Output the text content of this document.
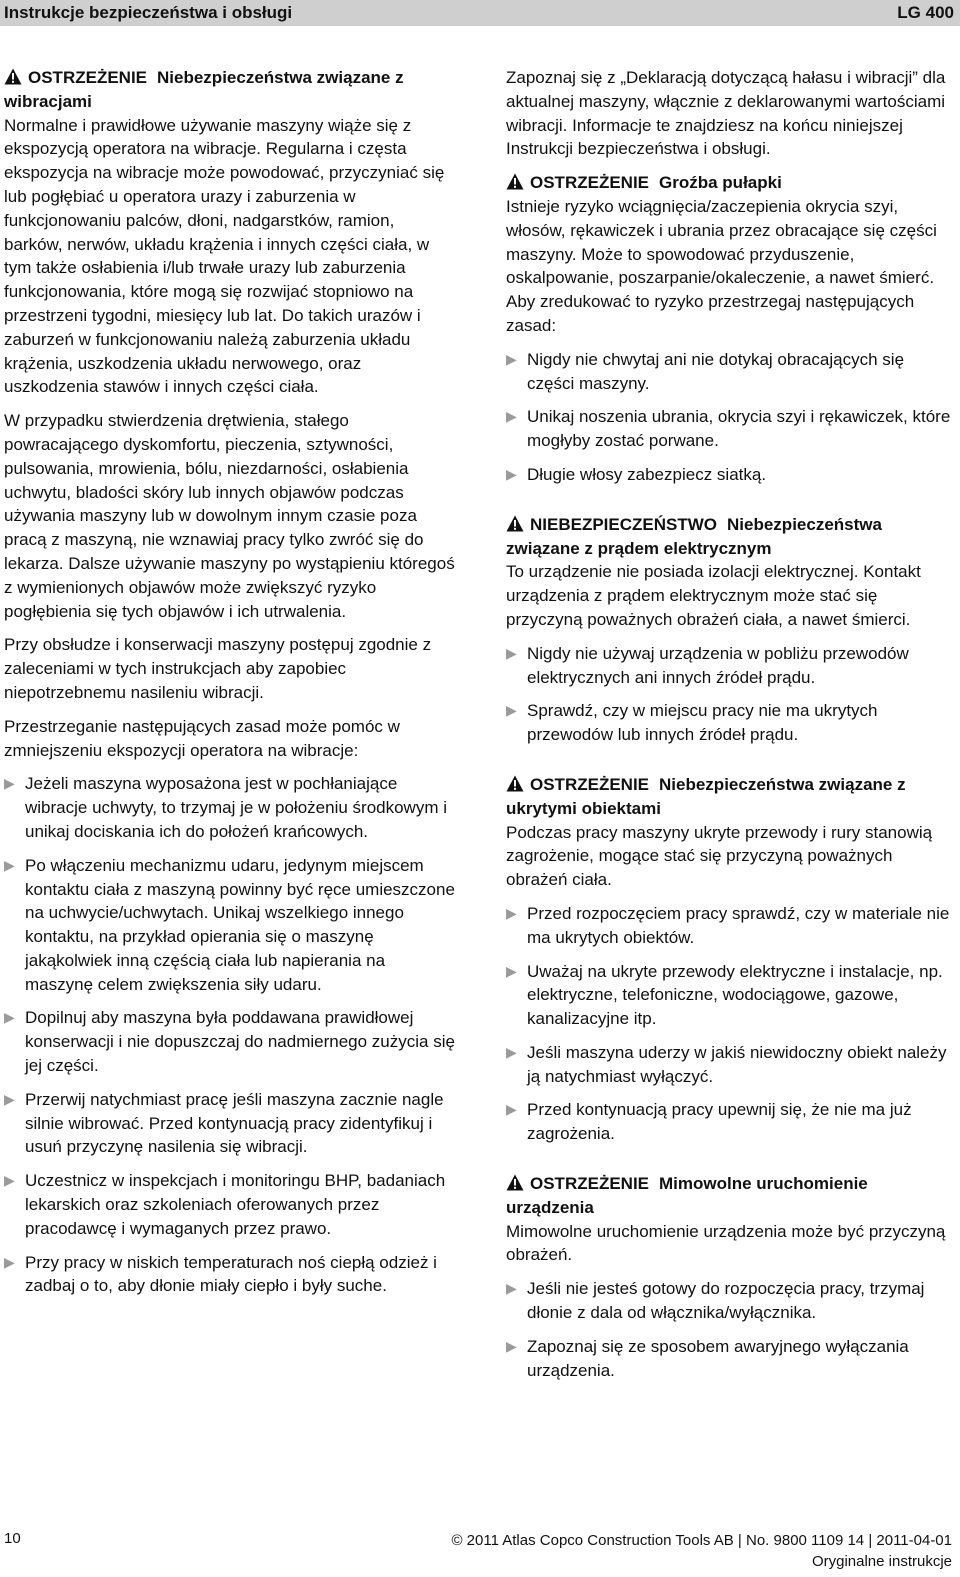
Instrukcje bezpieczeństwa i obsługi	LG 400
OSTRZEŻENIE Niebezpieczeństwa związane z wibracjami

Normalne i prawidłowe używanie maszyny wiąże się z ekspozycją operatora na wibracje. Regularna i częsta ekspozycja na wibracje może powodować, przyczyniać się lub pogłębiać u operatora urazy i zaburzenia w funkcjonowaniu palców, dłoni, nadgarstków, ramion, barków, nerwów, układu krążenia i innych części ciała, w tym także osłabienia i/lub trwałe urazy lub zaburzenia funkcjonowania, które mogą się rozwijać stopniowo na przestrzeni tygodni, miesięcy lub lat. Do takich urazów i zaburzeń w funkcjonowaniu należą zaburzenia układu krążenia, uszkodzenia układu nerwowego, oraz uszkodzenia stawów i innych części ciała.

W przypadku stwierdzenia drętwienia, stałego powracającego dyskomfortu, pieczenia, sztywności, pulsowania, mrowienia, bólu, niezdarności, osłabienia uchwytu, bladości skóry lub innych objawów podczas używania maszyny lub w dowolnym innym czasie poza pracą z maszyną, nie wznawiaj pracy tylko zwróć się do lekarza. Dalsze używanie maszyny po wystąpieniu któregoś z wymienionych objawów może zwiększyć ryzyko pogłębienia się tych objawów i ich utrwalenia.

Przy obsłudze i konserwacji maszyny postępuj zgodnie z zaleceniami w tych instrukcjach aby zapobiec niepotrzebnemu nasileniu wibracji.

Przestrzeganie następujących zasad może pomóc w zmniejszeniu ekspozycji operatora na wibracje:

▶ Jeżeli maszyna wyposażona jest w pochłaniające wibracje uchwyty, to trzymaj je w położeniu środkowym i unikaj dociskania ich do położeń krańcowych.
▶ Po włączeniu mechanizmu udaru, jedynym miejscem kontaktu ciała z maszyną powinny być ręce umieszczone na uchwycie/uchwytach. Unikaj wszelkiego innego kontaktu, na przykład opierania się o maszynę jakąkolwiek inną częścią ciała lub napierania na maszynę celem zwiększenia siły udaru.
▶ Dopilnuj aby maszyna była poddawana prawidłowej konserwacji i nie dopuszczaj do nadmiernego zużycia się jej części.
▶ Przerwij natychmiast pracę jeśli maszyna zacznie nagle silnie wibrować. Przed kontynuacją pracy zidentyfikuj i usuń przyczynę nasilenia się wibracji.
▶ Uczestnicz w inspekcjach i monitoringu BHP, badaniach lekarskich oraz szkoleniach oferowanych przez pracodawcę i wymaganych przez prawo.
▶ Przy pracy w niskich temperaturach noś ciepłą odzież i zadbaj o to, aby dłonie miały ciepło i były suche.

Zapoznaj się z „Deklaracją dotyczącą hałasu i wibracji” dla aktualnej maszyny, włącznie z deklarowanymi wartościami wibracji. Informacje te znajdziesz na końcu niniejszej Instrukcji bezpieczeństwa i obsługi.

OSTRZEŻENIE Groźba pułapki

Istnieje ryzyko wciągnięcia/zaczepienia okrycia szyi, włosów, rękawiczek i ubrania przez obracające się części maszyny. Może to spowodować przyduszenie, oskalpowanie, poszarpanie/okaleczenie, a nawet śmierć. Aby zredukować to ryzyko przestrzegaj następujących zasad:

▶ Nigdy nie chwytaj ani nie dotykaj obracających się części maszyny.
▶ Unikaj noszenia ubrania, okrycia szyi i rękawiczek, które mogłyby zostać porwane.
▶ Długie włosy zabezpiecz siatką.
NIEBEZPIECZEŃSTWO Niebezpieczeństwa związane z prądem elektrycznym

To urządzenie nie posiada izolacji elektrycznej. Kontakt urządzenia z prądem elektrycznym może stać się przyczyną poważnych obrażeń ciała, a nawet śmierci.

▶ Nigdy nie używaj urządzenia w pobliżu przewodów elektrycznych ani innych źródeł prądu.
▶ Sprawdź, czy w miejscu pracy nie ma ukrytych przewodów lub innych źródeł prądu.
OSTRZEŻENIE Niebezpieczeństwa związane z ukrytymi obiektami

Podczas pracy maszyny ukryte przewody i rury stanowią zagrożenie, mogące stać się przyczyną poważnych obrażeń ciała.

▶ Przed rozpoczęciem pracy sprawdź, czy w materiale nie ma ukrytych obiektów.
▶ Uważaj na ukryte przewody elektryczne i instalacje, np. elektryczne, telefoniczne, wodociągowe, gazowe, kanalizacyjne itp.
▶ Jeśli maszyna uderzy w jakiś niewidoczny obiekt należy ją natychmiast wyłączyć.
▶ Przed kontynuacją pracy upewnij się, że nie ma już zagrożenia.
OSTRZEŻENIE Mimowolne uruchomienie urządzenia

Mimowolne uruchomienie urządzenia może być przyczyną obrażeń.

▶ Jeśli nie jesteś gotowy do rozpoczęcia pracy, trzymaj dłonie z dala od włącznika/wyłącznika.
▶ Zapoznaj się ze sposobem awaryjnego wyłączania urządzenia.
10	© 2011 Atlas Copco Construction Tools AB | No. 9800 1109 14 | 2011-04-01
Oryginalne instrukcje
